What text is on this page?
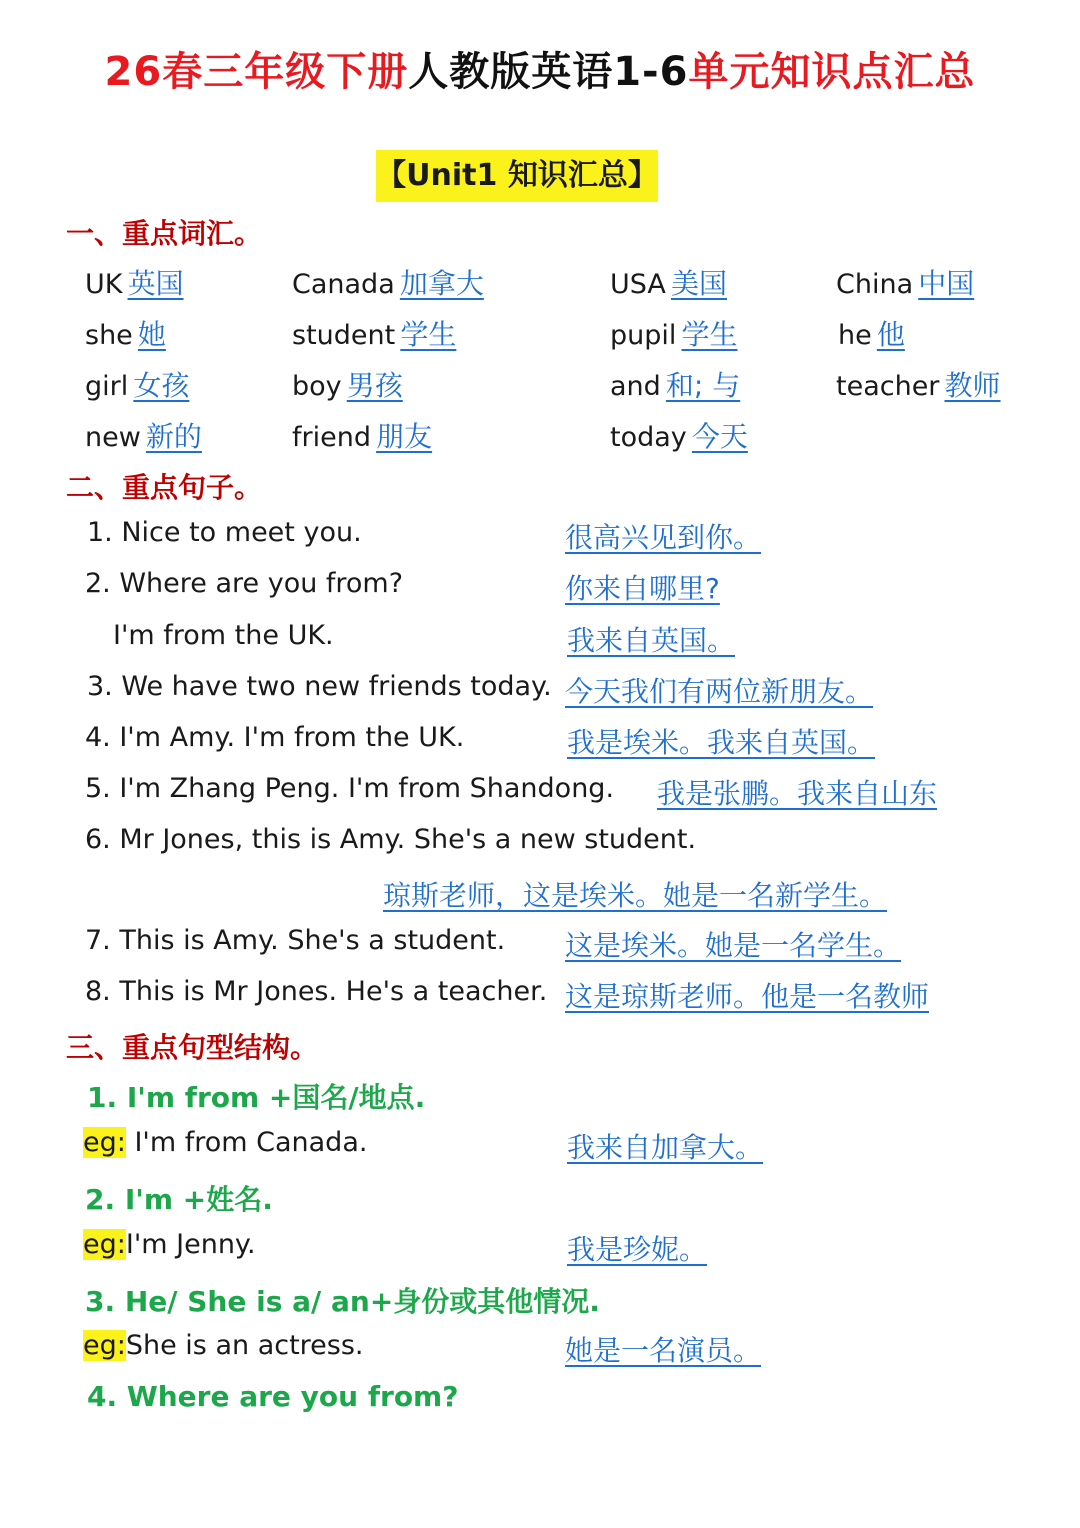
26春三年级下册人教版英语1-6单元知识点汇总
【Unit1 知识汇总】
一、重点词汇。
UK 英国	Canada 加拿大	USA 美国	China 中国
she 她	student 学生	pupil 学生	he 他
girl 女孩	boy 男孩	and 和; 与	teacher 教师
new 新的	friend 朋友	today 今天
二、重点句子。
1. Nice to meet you.	很高兴见到你。
2. Where are you from?	你来自哪里?
I'm from the UK.	我来自英国。
3. We have two new friends today. 今天我们有两位新朋友。
4. I'm Amy. I'm from the UK.	我是埃米。我来自英国。
5. I'm Zhang Peng. I'm from Shandong. 我是张鹏。我来自山东
6. Mr Jones, this is Amy. She's a new student.
琼斯老师，这是埃米。她是一名新学生。
7. This is Amy. She's a student. 这是埃米。她是一名学生。
8. This is Mr Jones. He's a teacher. 这是琼斯老师。他是一名教师
三、重点句型结构。
1. I'm from +国名/地点.
eg: I'm from Canada.	我来自加拿大。
2. I'm +姓名.
eg:I'm Jenny.	我是珍妮。
3. He/ She is a/ an+身份或其他情况.
eg:She is an actress.	她是一名演员。
4. Where are you from?
